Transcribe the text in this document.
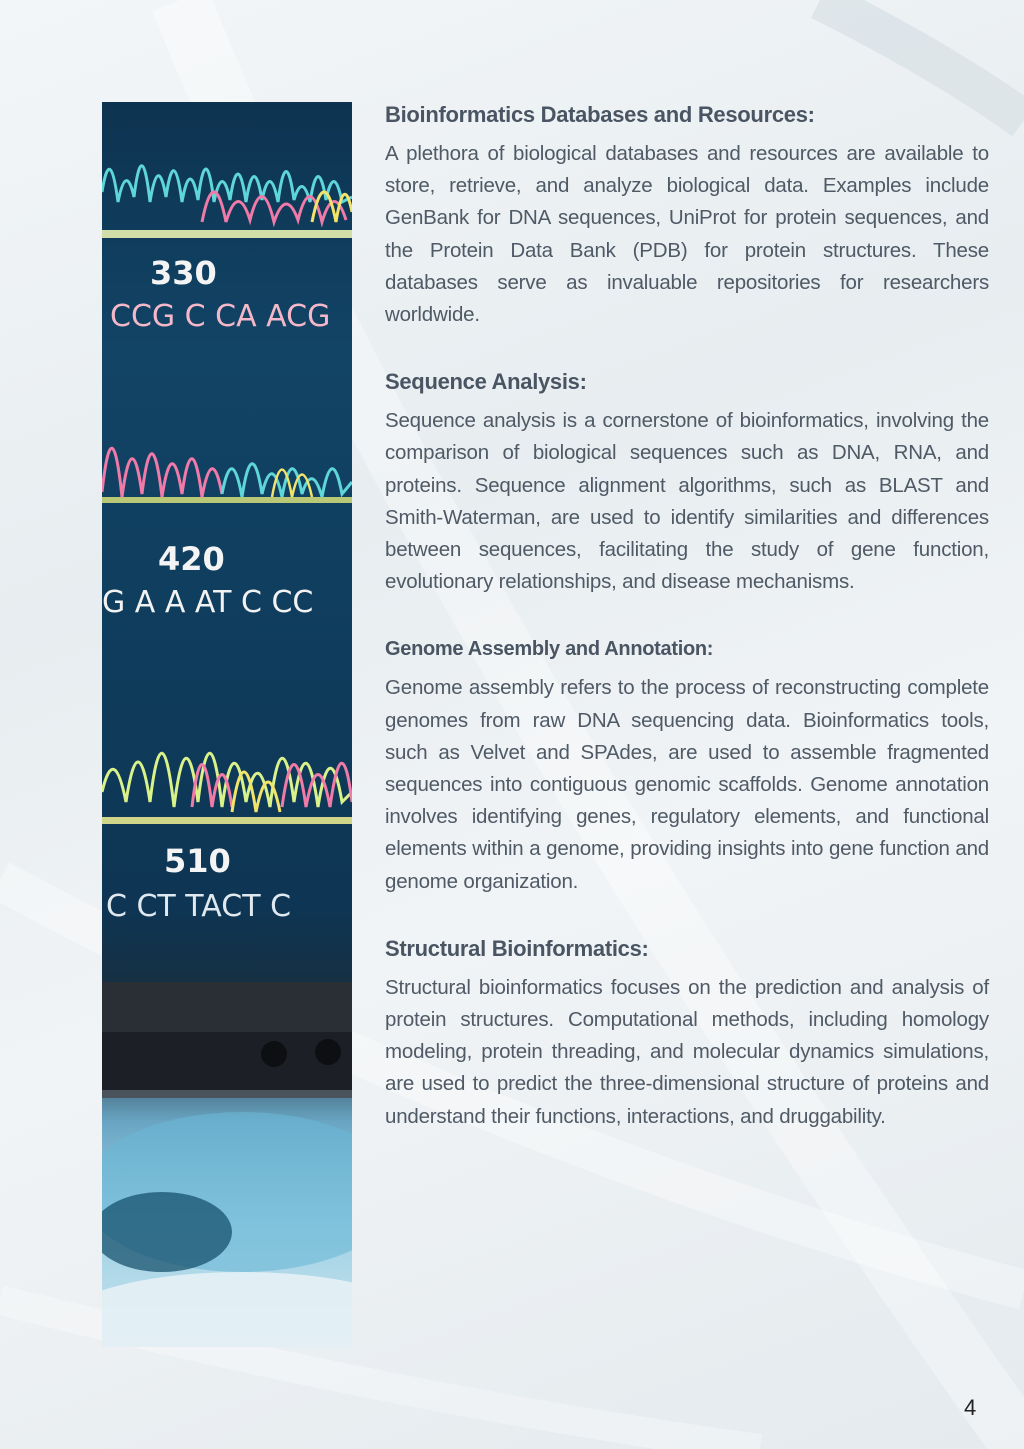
330
CCG C CA ACG
420
G A A AT C CC
510
C CT TACT C
Bioinformatics Databases and Resources:

A plethora of biological databases and resources are available to store, retrieve, and analyze biological data. Examples include GenBank for DNA sequences, UniProt for protein sequences, and the Protein Data Bank (PDB) for protein structures. These databases serve as invaluable repositories for researchers worldwide.

Sequence Analysis:

Sequence analysis is a cornerstone of bioinformatics, involving the comparison of biological sequences such as DNA, RNA, and proteins. Sequence alignment algorithms, such as BLAST and Smith-Waterman, are used to identify similarities and differences between sequences, facilitating the study of gene function, evolutionary relationships, and disease mechanisms.

Genome Assembly and Annotation:

Genome assembly refers to the process of reconstructing complete genomes from raw DNA sequencing data. Bioinformatics tools, such as Velvet and SPAdes, are used to assemble fragmented sequences into contiguous genomic scaffolds. Genome annotation involves identifying genes, regulatory elements, and functional elements within a genome, providing insights into gene function and genome organization.

Structural Bioinformatics:

Structural bioinformatics focuses on the prediction and analysis of protein structures. Computational methods, including homology modeling, protein threading, and molecular dynamics simulations, are used to predict the three-dimensional structure of proteins and understand their functions, interactions, and druggability.

4
